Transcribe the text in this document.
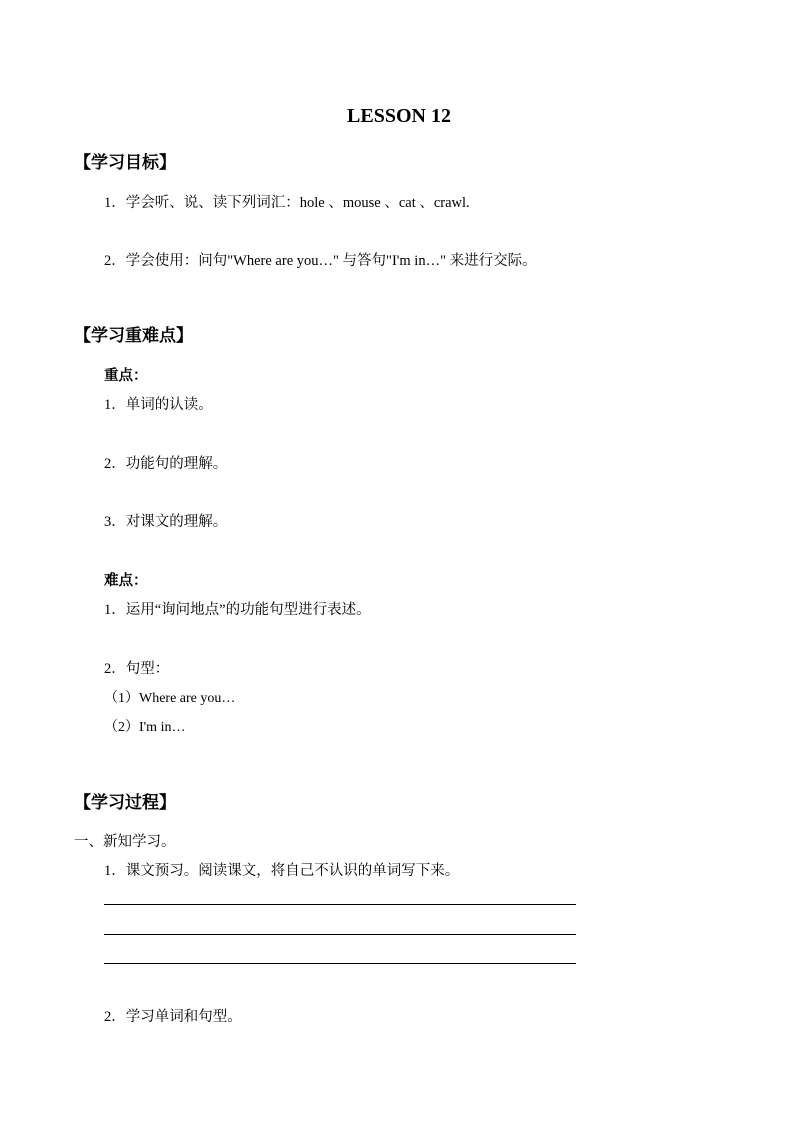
LESSON 12
【学习目标】
1．学会听、说、读下列词汇：hole 、mouse 、cat 、crawl.
2．学会使用：问句"Where are you…" 与答句"I'm in…" 来进行交际。
【学习重难点】
重点：
1．单词的认读。
2．功能句的理解。
3．对课文的理解。
难点：
1．运用“询问地点”的功能句型进行表述。
2．句型：
（1）Where are you…
（2）I'm in…
【学习过程】
一、新知学习。
1．课文预习。阅读课文，将自己不认识的单词写下来。
2．学习单词和句型。
